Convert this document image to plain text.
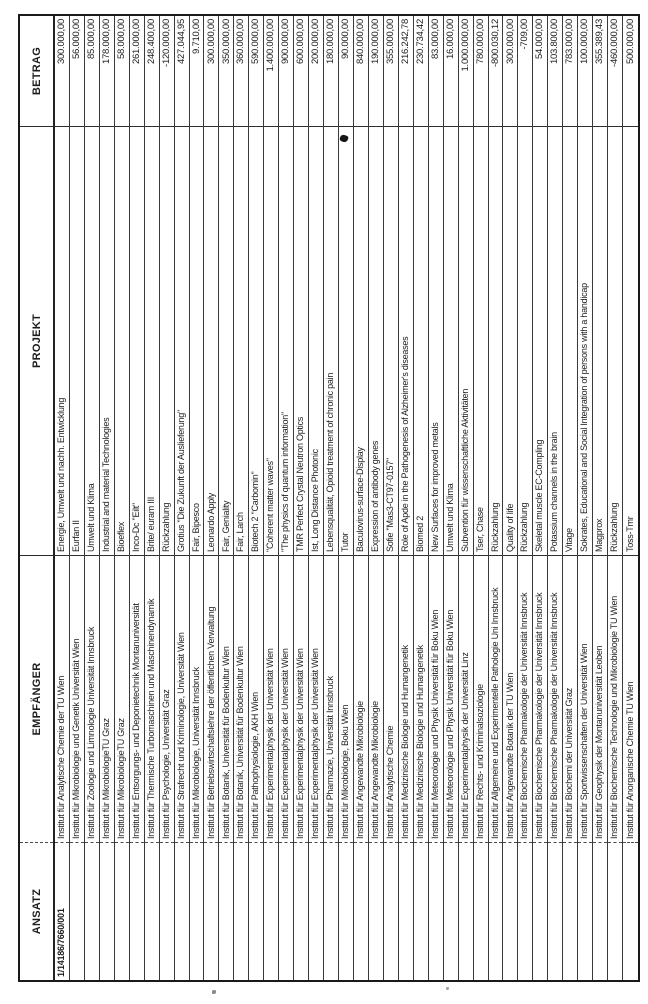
ANSATZ
EMPFÄNGER
PROJEKT
BETRAG
1/14186/7660/001
Institut für Analytische Chemie der TU Wien
Energie, Umwelt und nachh. Entwicklung
300.000,00
Institut für Mikrobiologie und Genetik Universität Wien
Eurfan II
56.000,00
Institut für Zoologie und Limnologie Universität Innsbruck
Umwelt und Klima
85.000,00
Institut für MikrobiologieTU Graz
Industrial and material Technologies
178.000,00
Institut für MikrobiologieTU Graz
Bioeflex
58.000,00
Institut für Entsorgungs- und Deponietechnik Montanuniversität
Inco-Dc "Eilt"
261.000,00
Institut für Thermische Turbomaschinen und Maschinendynamik
Brite/ euram III
248.400,00
Institut für Psychologie, Universität Graz
Rückzahlung
-120.000,00
Institut für Strafrecht und Kriminologie, Universität Wien
Grotius "Die Zukunft der Auslieferung"
427.044,95
Institut für Mikrobiologie, Universität Innsbruck
Fair, Bipesco
9.710,00
Institut für Betriebswirtschaftslehre der öffentlichen Verwaltung
Leonardo Apply
300.000,00
Institut für Botanik, Universität für Bodenkultur Wien
Fair, Geniality
350.000,00
Institut für Botanik, Universität für Bodenkultur Wien
Fair, Larch
360.000,00
Institut für Pathophysiologie, AKH Wien
Biotech 2 "Carbomin"
590.000,00
Institut für Experimentalphysik der Universität Wien
"Coherent matter waves"
1.400.000,00
Institut für Experimentalphysik der Universität Wien
"The physics of quantum information"
900.000,00
Institut für Experimentalphysik der Universität Wien
TMR Perfect Crystal Neutron Optics
600.000,00
Institut für Experimentalphysik der Universität Wien
Ist, Long Distance Photonic
200.000,00
Institut für Pharmazie, Universität Innsbruck
Lebensqualität, Opioid treatment of chronic pain
180.000,00
Institut für Mikrobiologie, Boku Wien
Tutor
90.000,00
Institut für Angewandte Mikrobiologie
Baculovirus-surface-Display
840.000,00
Institut für Angewandte Mikrobiologie
Expression of antibody genes
190.000,00
Institut für Analytische Chemie
Sofie "Mas3-CT97-0157"
355.000,00
Institut für Medizinische Biologie und Humangenetik
Role of Apde in the Pathogenesis of Alzheimer's diseases
216.242,78
Institut für Medizinische Biologie und Humangenetik
Biomed 2
230.734,42
Institut für Meteorologie und Physik Universität für Boku Wien
New Surfaces for improved metals
83.000,00
Institut für Meteorologie und Physik Universität für Boku Wien
Umwelt und Klima
16.000,00
Institut für Experimentalphysik der Universität Linz
Subvention für wissenschaftliche Aktivitäten
1.000.000,00
Institut für Rechts- und Kriminalsoziologie
Tser, Chase
780.000,00
Institut für Allgemeine und Experimentelle Pathologie Uni Innsbruck
Rückzahlung
-800.030,12
Institut für Angewandte Botanik der TU Wien
Quality of life
300.000,00
Institut für Biochemische Pharmakologie der Universität Innsbruck
Rückzahlung
-709,00
Institut für Biochemische Pharmakologie der Universität Innsbruck
Skeletal muscle EC-Compling
54.000,00
Institut für Biochemische Pharmakologie der Universität Innsbruck
Potassium channels in the brain
103.800,00
Institut für Biochemi der Universität Graz
Vitage
783.000,00
Institut für Sportwissenschaften der Universität Wien
Sokrates, Educational and Social Integration of persons with a handicap
100.000,00
Institut für Geophysik der Montanuniversität Leoben
Magprox
355.389,43
Institut für Biochemische Technologie und Mikrobiologie TU Wien
Rückzahlung
-460.000,00
Institut für Anorganische Chemie TU Wien
Toss-Tmr
500.000,00
